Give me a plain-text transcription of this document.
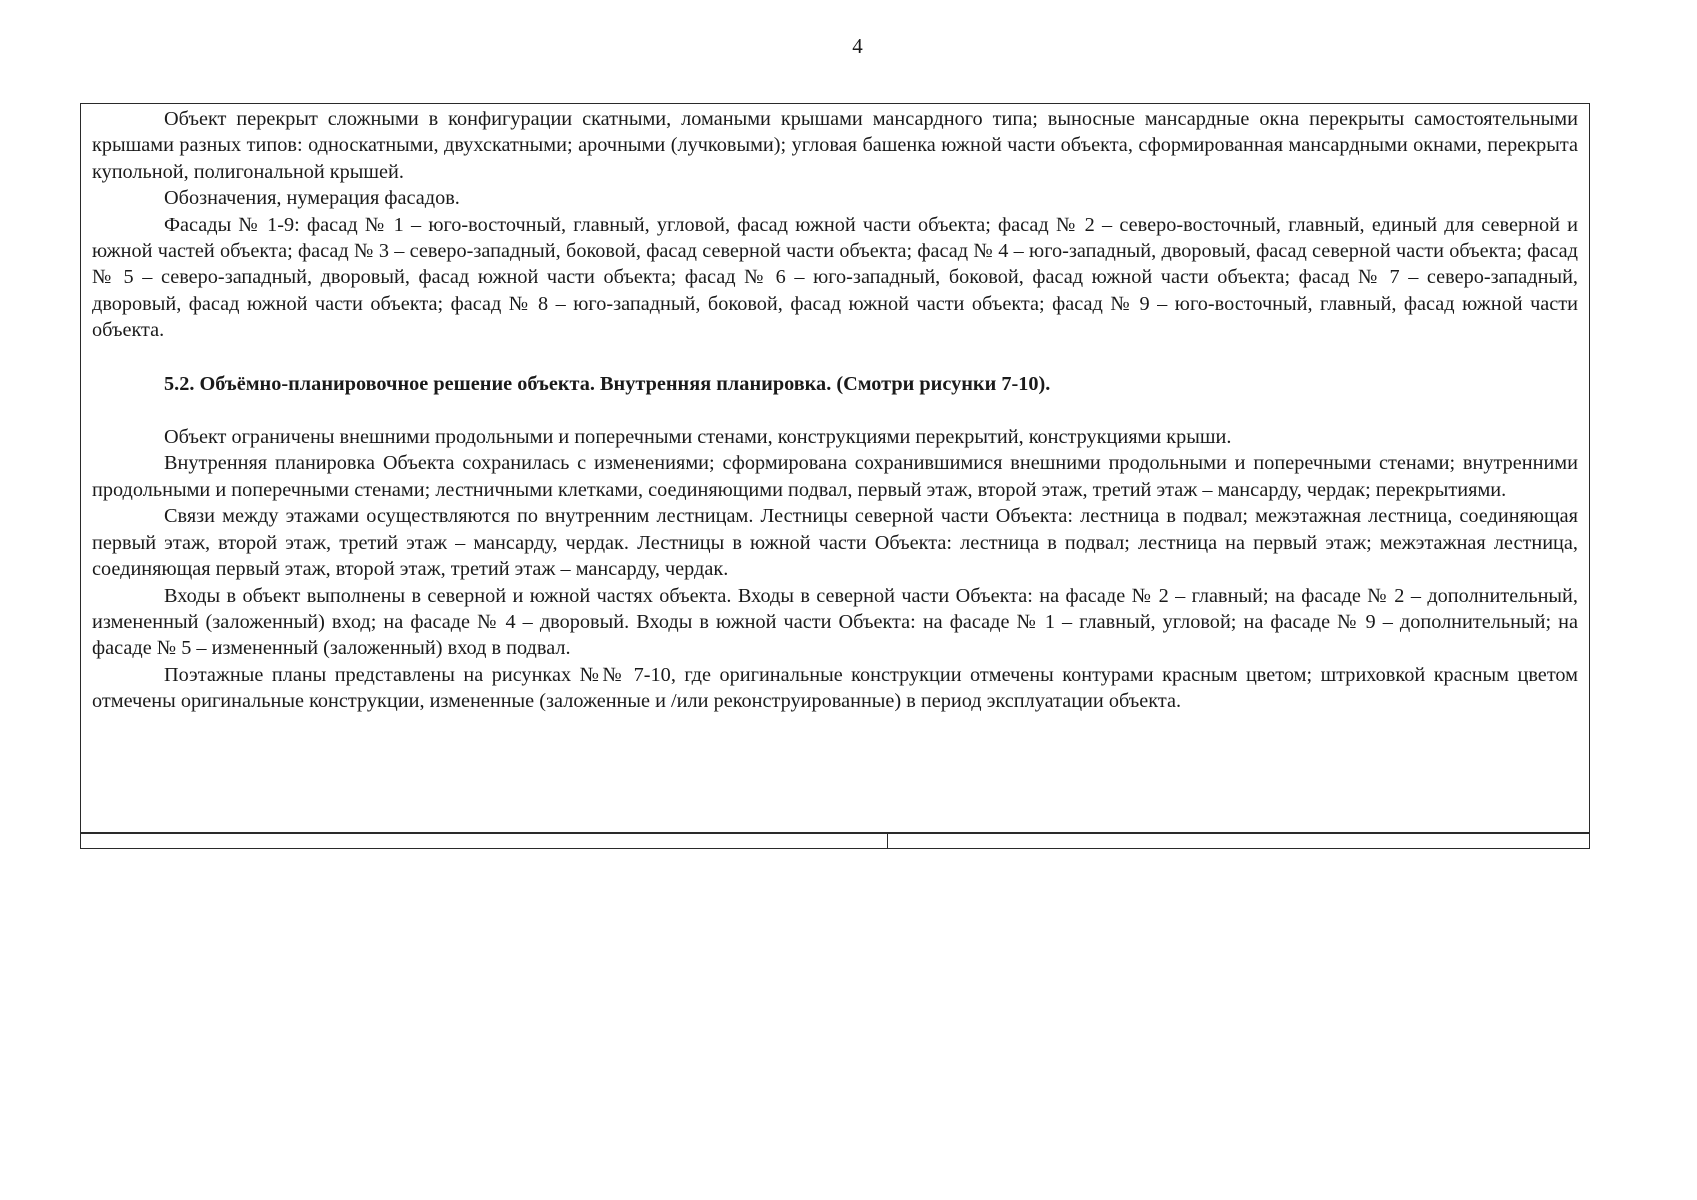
4

Объект перекрыт сложными в конфигурации скатными, ломаными крышами мансардного типа; выносные мансардные окна перекрыты самостоятельными крышами разных типов: односкатными, двухскатными; арочными (лучковыми); угловая башенка южной части объекта, сформированная мансардными окнами, перекрыта купольной, полигональной крышей.

Обозначения, нумерация фасадов.

Фасады № 1-9: фасад № 1 – юго-восточный, главный, угловой, фасад южной части объекта; фасад № 2 – северо-восточный, главный, единый для северной и южной частей объекта; фасад № 3 – северо-западный, боковой, фасад северной части объекта; фасад № 4 – юго-западный, дворовый, фасад северной части объекта; фасад № 5 – северо-западный, дворовый, фасад южной части объекта; фасад № 6 – юго-западный, боковой, фасад южной части объекта; фасад № 7 – северо-западный, дворовый, фасад южной части объекта; фасад № 8 – юго-западный, боковой, фасад южной части объекта; фасад № 9 – юго-восточный, главный, фасад южной части объекта.

5.2. Объёмно-планировочное решение объекта. Внутренняя планировка. (Смотри рисунки 7-10).

Объект ограничены внешними продольными и поперечными стенами, конструкциями перекрытий, конструкциями крыши.

Внутренняя планировка Объекта сохранилась с изменениями; сформирована сохранившимися внешними продольными и поперечными стенами; внутренними продольными и поперечными стенами; лестничными клетками, соединяющими подвал, первый этаж, второй этаж, третий этаж – мансарду, чердак; перекрытиями.

Связи между этажами осуществляются по внутренним лестницам. Лестницы северной части Объекта: лестница в подвал; межэтажная лестница, соединяющая первый этаж, второй этаж, третий этаж – мансарду, чердак. Лестницы в южной части Объекта: лестница в подвал; лестница на первый этаж; межэтажная лестница, соединяющая первый этаж, второй этаж, третий этаж – мансарду, чердак.

Входы в объект выполнены в северной и южной частях объекта. Входы в северной части Объекта: на фасаде № 2 – главный; на фасаде № 2 – дополнительный, измененный (заложенный) вход; на фасаде № 4 – дворовый. Входы в южной части Объекта: на фасаде № 1 – главный, угловой; на фасаде № 9 – дополнительный; на фасаде № 5 – измененный (заложенный) вход в подвал.

Поэтажные планы представлены на рисунках №№ 7-10, где оригинальные конструкции отмечены контурами красным цветом; штриховкой красным цветом отмечены оригинальные конструкции, измененные (заложенные и /или реконструированные) в период эксплуатации объекта.
